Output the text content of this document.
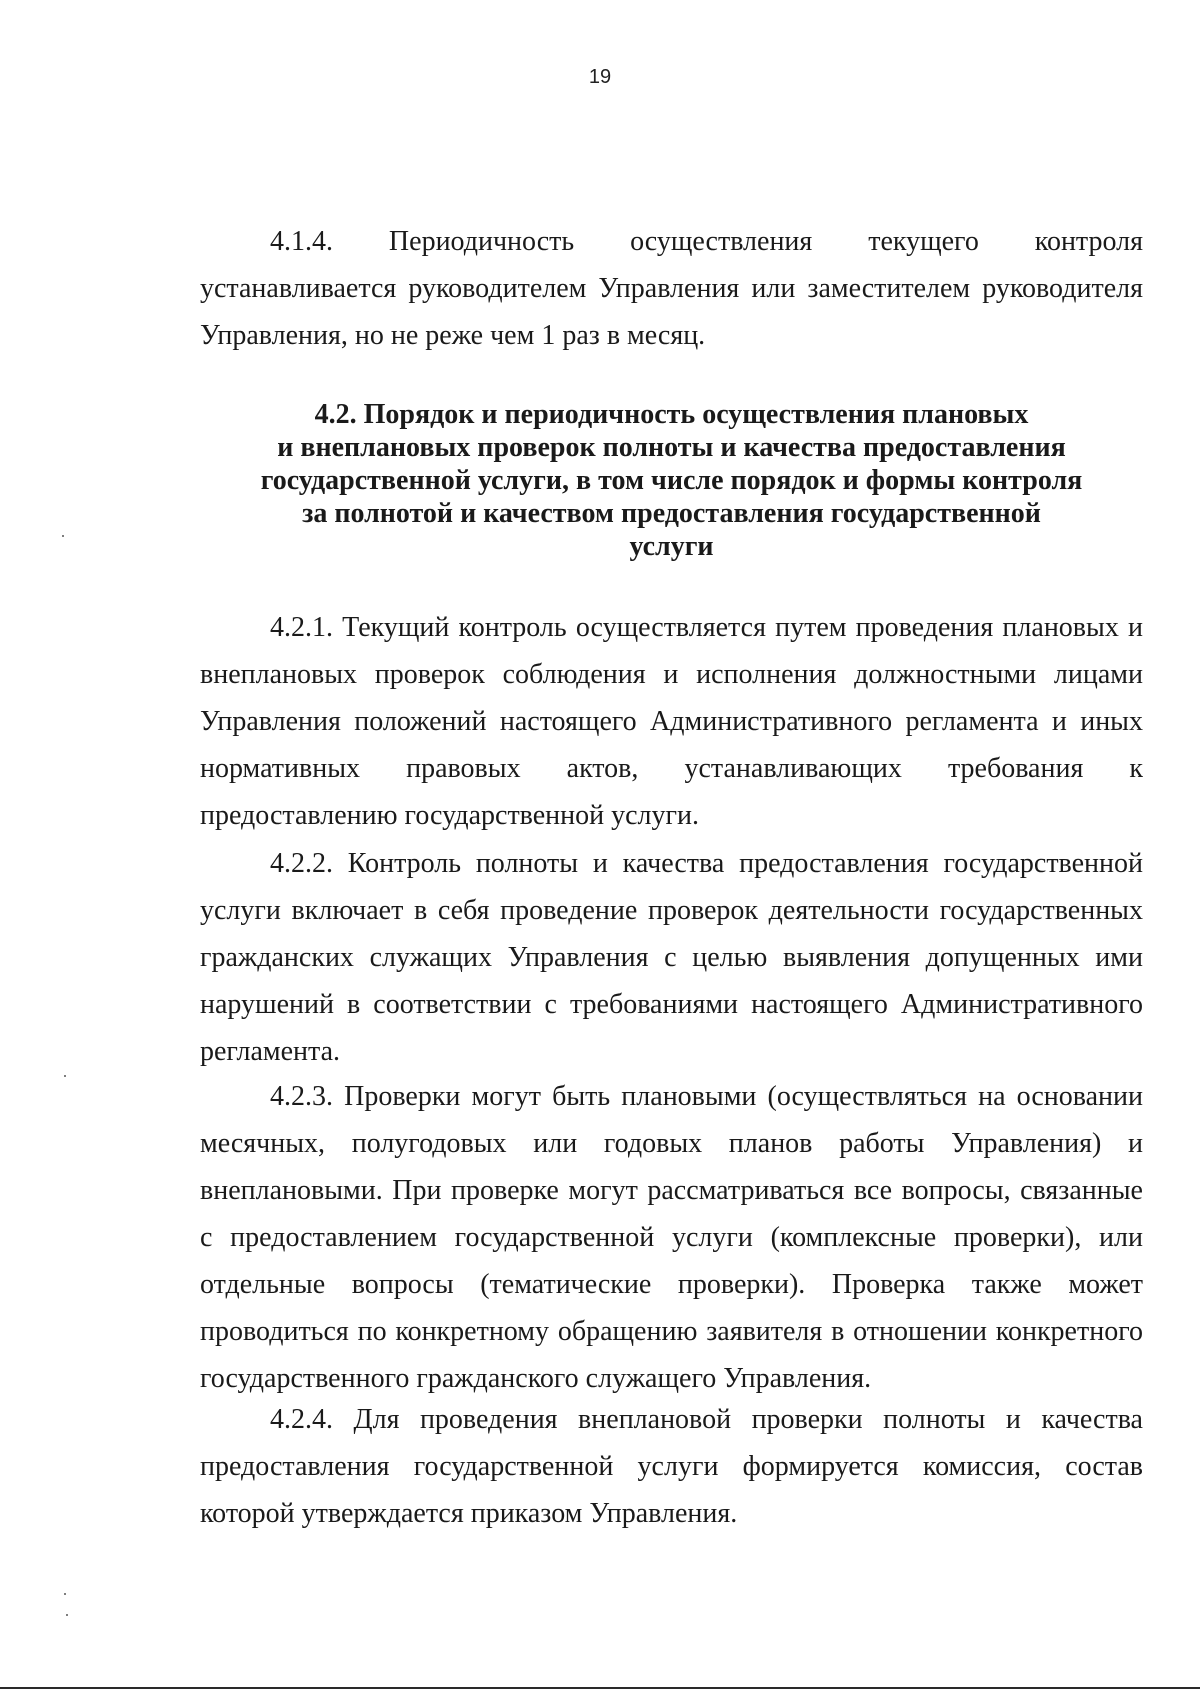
19

4.1.4. Периодичность осуществления текущего контроля устанавливается руководителем Управления или заместителем руководителя Управления, но не реже чем 1 раз в месяц.

4.2. Порядок и периодичность осуществления плановых
и внеплановых проверок полноты и качества предоставления
государственной услуги, в том числе порядок и формы контроля
за полнотой и качеством предоставления государственной
услуги

4.2.1. Текущий контроль осуществляется путем проведения плановых и внеплановых проверок соблюдения и исполнения должностными лицами Управления положений настоящего Административного регламента и иных нормативных правовых актов, устанавливающих требования к предоставлению государственной услуги.

4.2.2. Контроль полноты и качества предоставления государственной услуги включает в себя проведение проверок деятельности государственных гражданских служащих Управления с целью выявления допущенных ими нарушений в соответствии с требованиями настоящего Административного регламента.

4.2.3. Проверки могут быть плановыми (осуществляться на основании месячных, полугодовых или годовых планов работы Управления) и внеплановыми. При проверке могут рассматриваться все вопросы, связанные с предоставлением государственной услуги (комплексные проверки), или отдельные вопросы (тематические проверки). Проверка также может проводиться по конкретному обращению заявителя в отношении конкретного государственного гражданского служащего Управления.

4.2.4. Для проведения внеплановой проверки полноты и качества предоставления государственной услуги формируется комиссия, состав которой утверждается приказом Управления.
